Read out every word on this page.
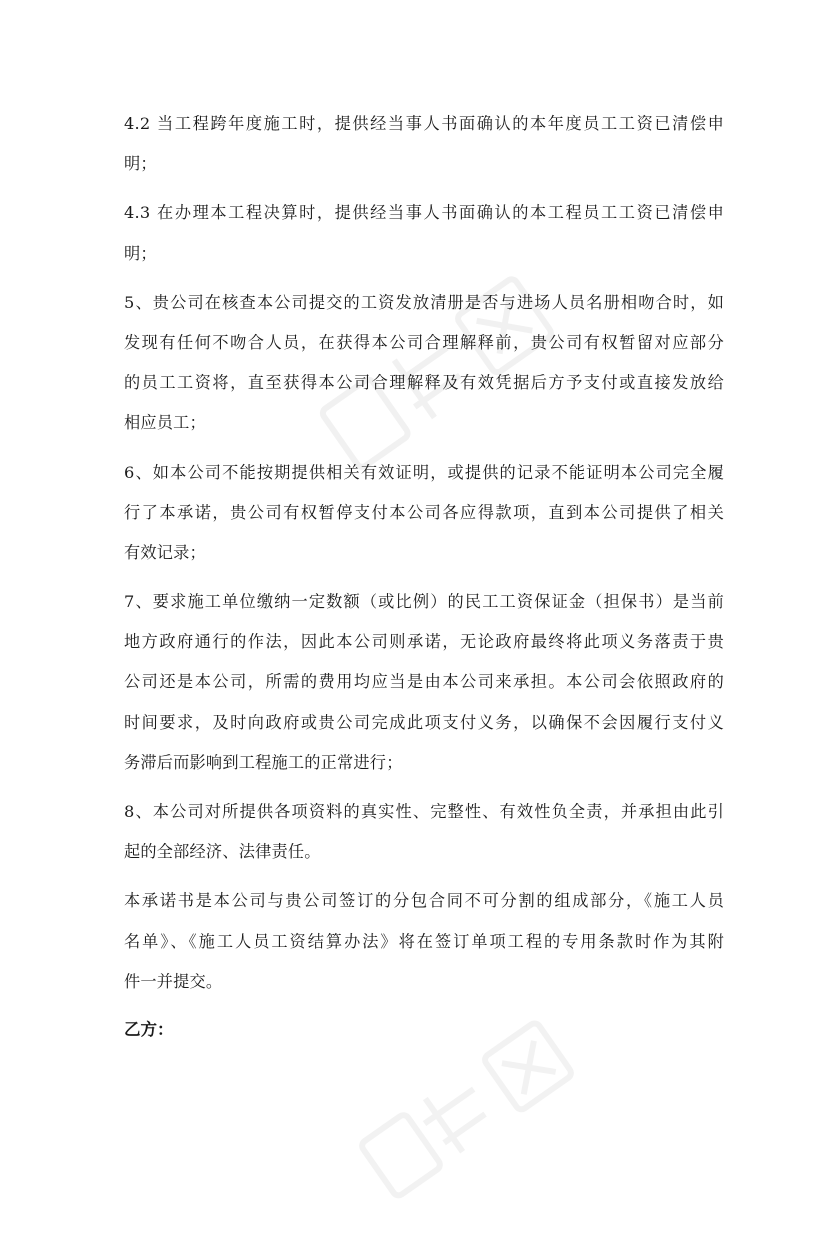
4.2 当工程跨年度施工时，提供经当事人书面确认的本年度员工工资已清偿申
明；
4.3 在办理本工程决算时，提供经当事人书面确认的本工程员工工资已清偿申
明；
5、贵公司在核查本公司提交的工资发放清册是否与进场人员名册相吻合时，如
发现有任何不吻合人员，在获得本公司合理解释前，贵公司有权暂留对应部分
的员工工资将，直至获得本公司合理解释及有效凭据后方予支付或直接发放给
相应员工；
6、如本公司不能按期提供相关有效证明，或提供的记录不能证明本公司完全履
行了本承诺，贵公司有权暂停支付本公司各应得款项，直到本公司提供了相关
有效记录；
7、要求施工单位缴纳一定数额（或比例）的民工工资保证金（担保书）是当前
地方政府通行的作法，因此本公司则承诺，无论政府最终将此项义务落责于贵
公司还是本公司，所需的费用均应当是由本公司来承担。本公司会依照政府的
时间要求，及时向政府或贵公司完成此项支付义务，以确保不会因履行支付义
务滞后而影响到工程施工的正常进行；
8、本公司对所提供各项资料的真实性、完整性、有效性负全责，并承担由此引
起的全部经济、法律责任。
本承诺书是本公司与贵公司签订的分包合同不可分割的组成部分，《施工人员
名单》、《施工人员工资结算办法》将在签订单项工程的专用条款时作为其附
件一并提交。
乙方：
